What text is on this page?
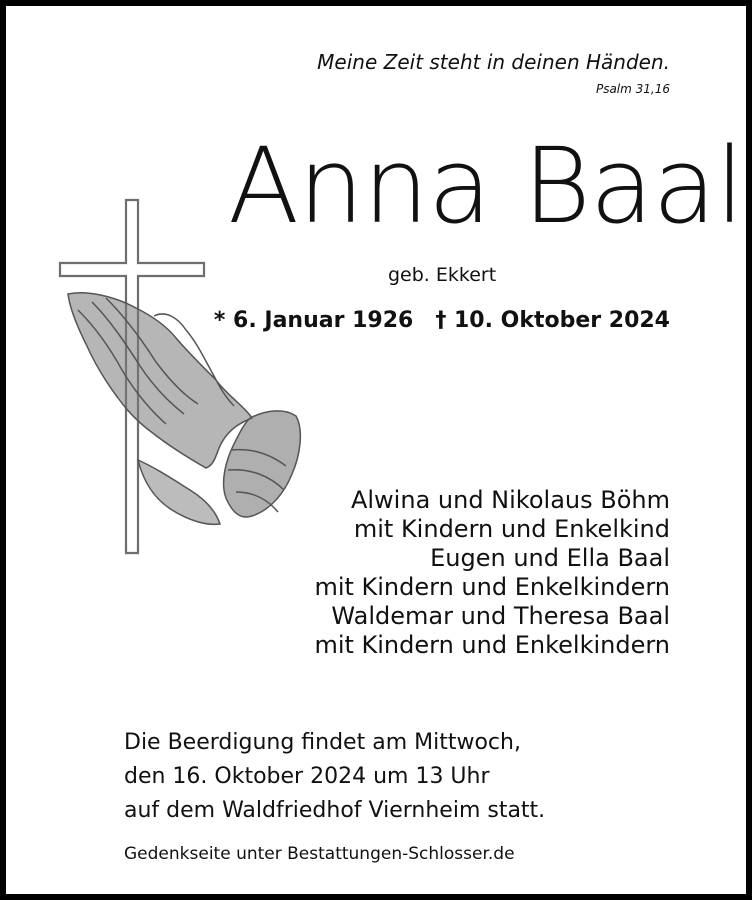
Meine Zeit steht in deinen Händen.
Psalm 31,16
Anna Baal
geb. Ekkert
* 6. Januar 1926 † 10. Oktober 2024
Alwina und Nikolaus Böhm
mit Kindern und Enkelkind
Eugen und Ella Baal
mit Kindern und Enkelkindern
Waldemar und Theresa Baal
mit Kindern und Enkelkindern
Die Beerdigung findet am Mittwoch,
den 16. Oktober 2024 um 13 Uhr
auf dem Waldfriedhof Viernheim statt.
Gedenkseite unter Bestattungen-Schlosser.de
